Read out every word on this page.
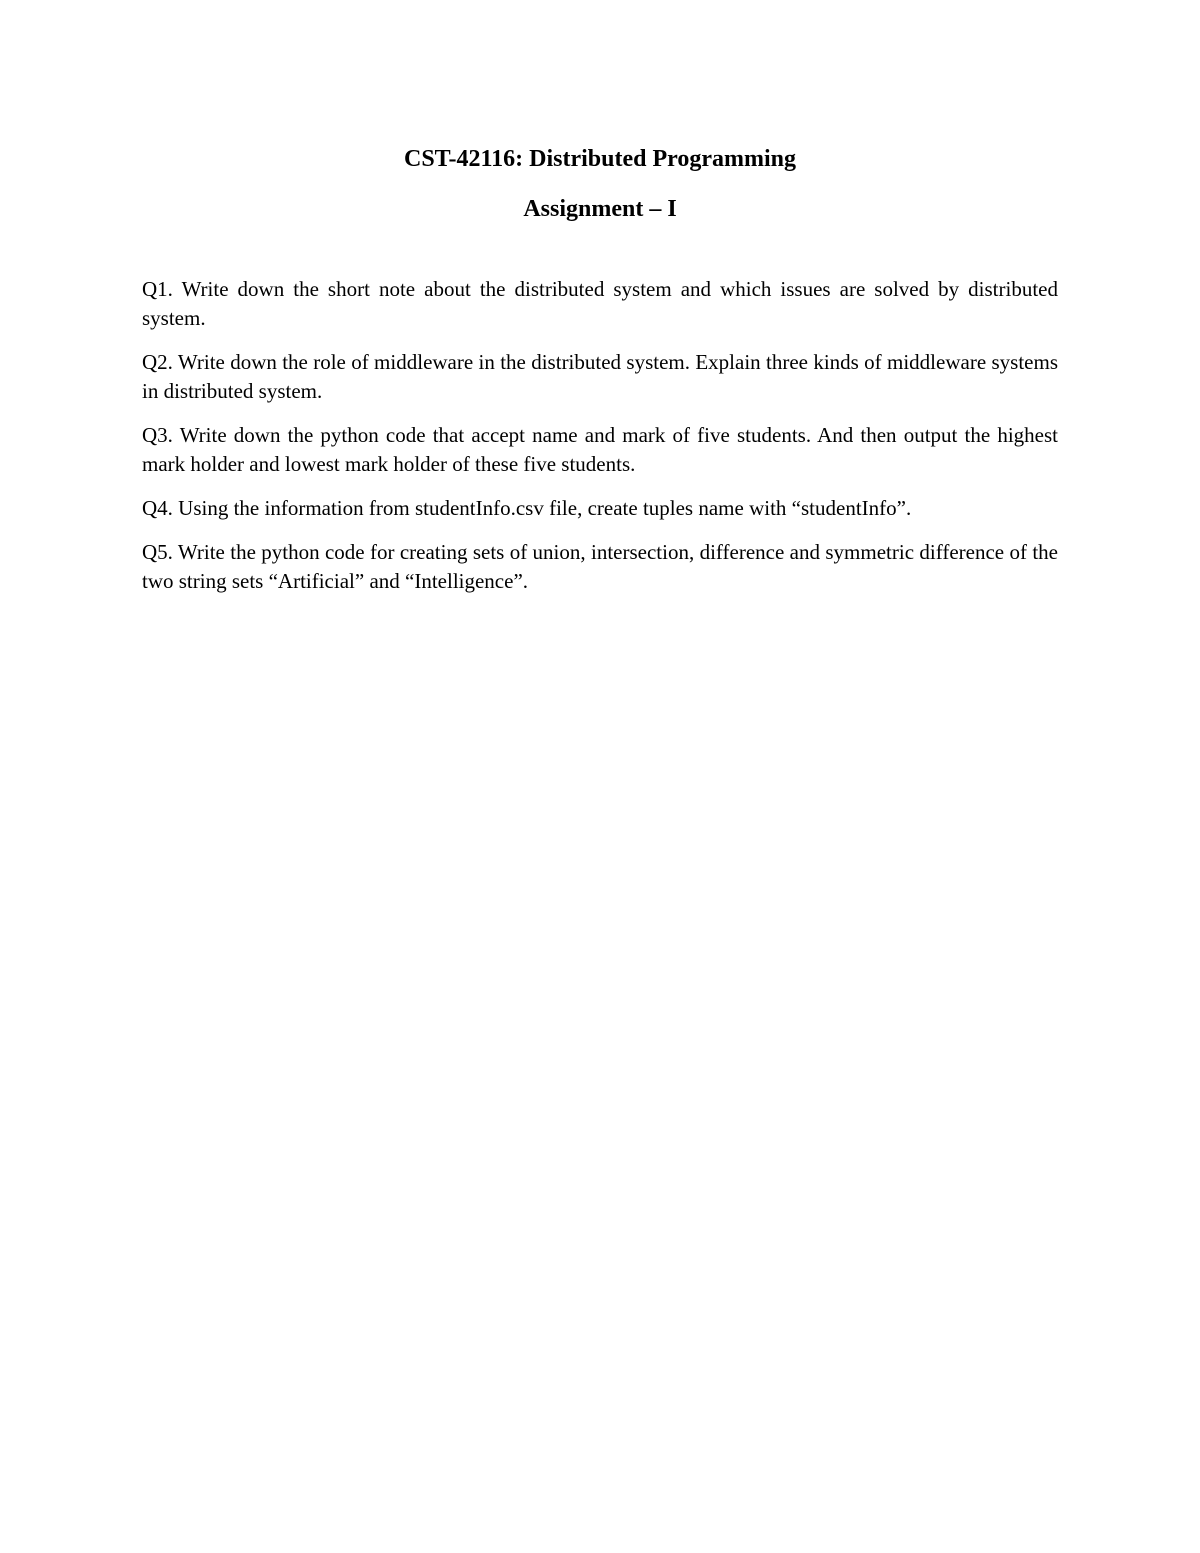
CST-42116: Distributed Programming
Assignment – I

Q1. Write down the short note about the distributed system and which issues are solved by distributed system.

Q2. Write down the role of middleware in the distributed system. Explain three kinds of middleware systems in distributed system.

Q3. Write down the python code that accept name and mark of five students. And then output the highest mark holder and lowest mark holder of these five students.

Q4. Using the information from studentInfo.csv file, create tuples name with “studentInfo”.

Q5. Write the python code for creating sets of union, intersection, difference and symmetric difference of the two string sets “Artificial” and “Intelligence”.
